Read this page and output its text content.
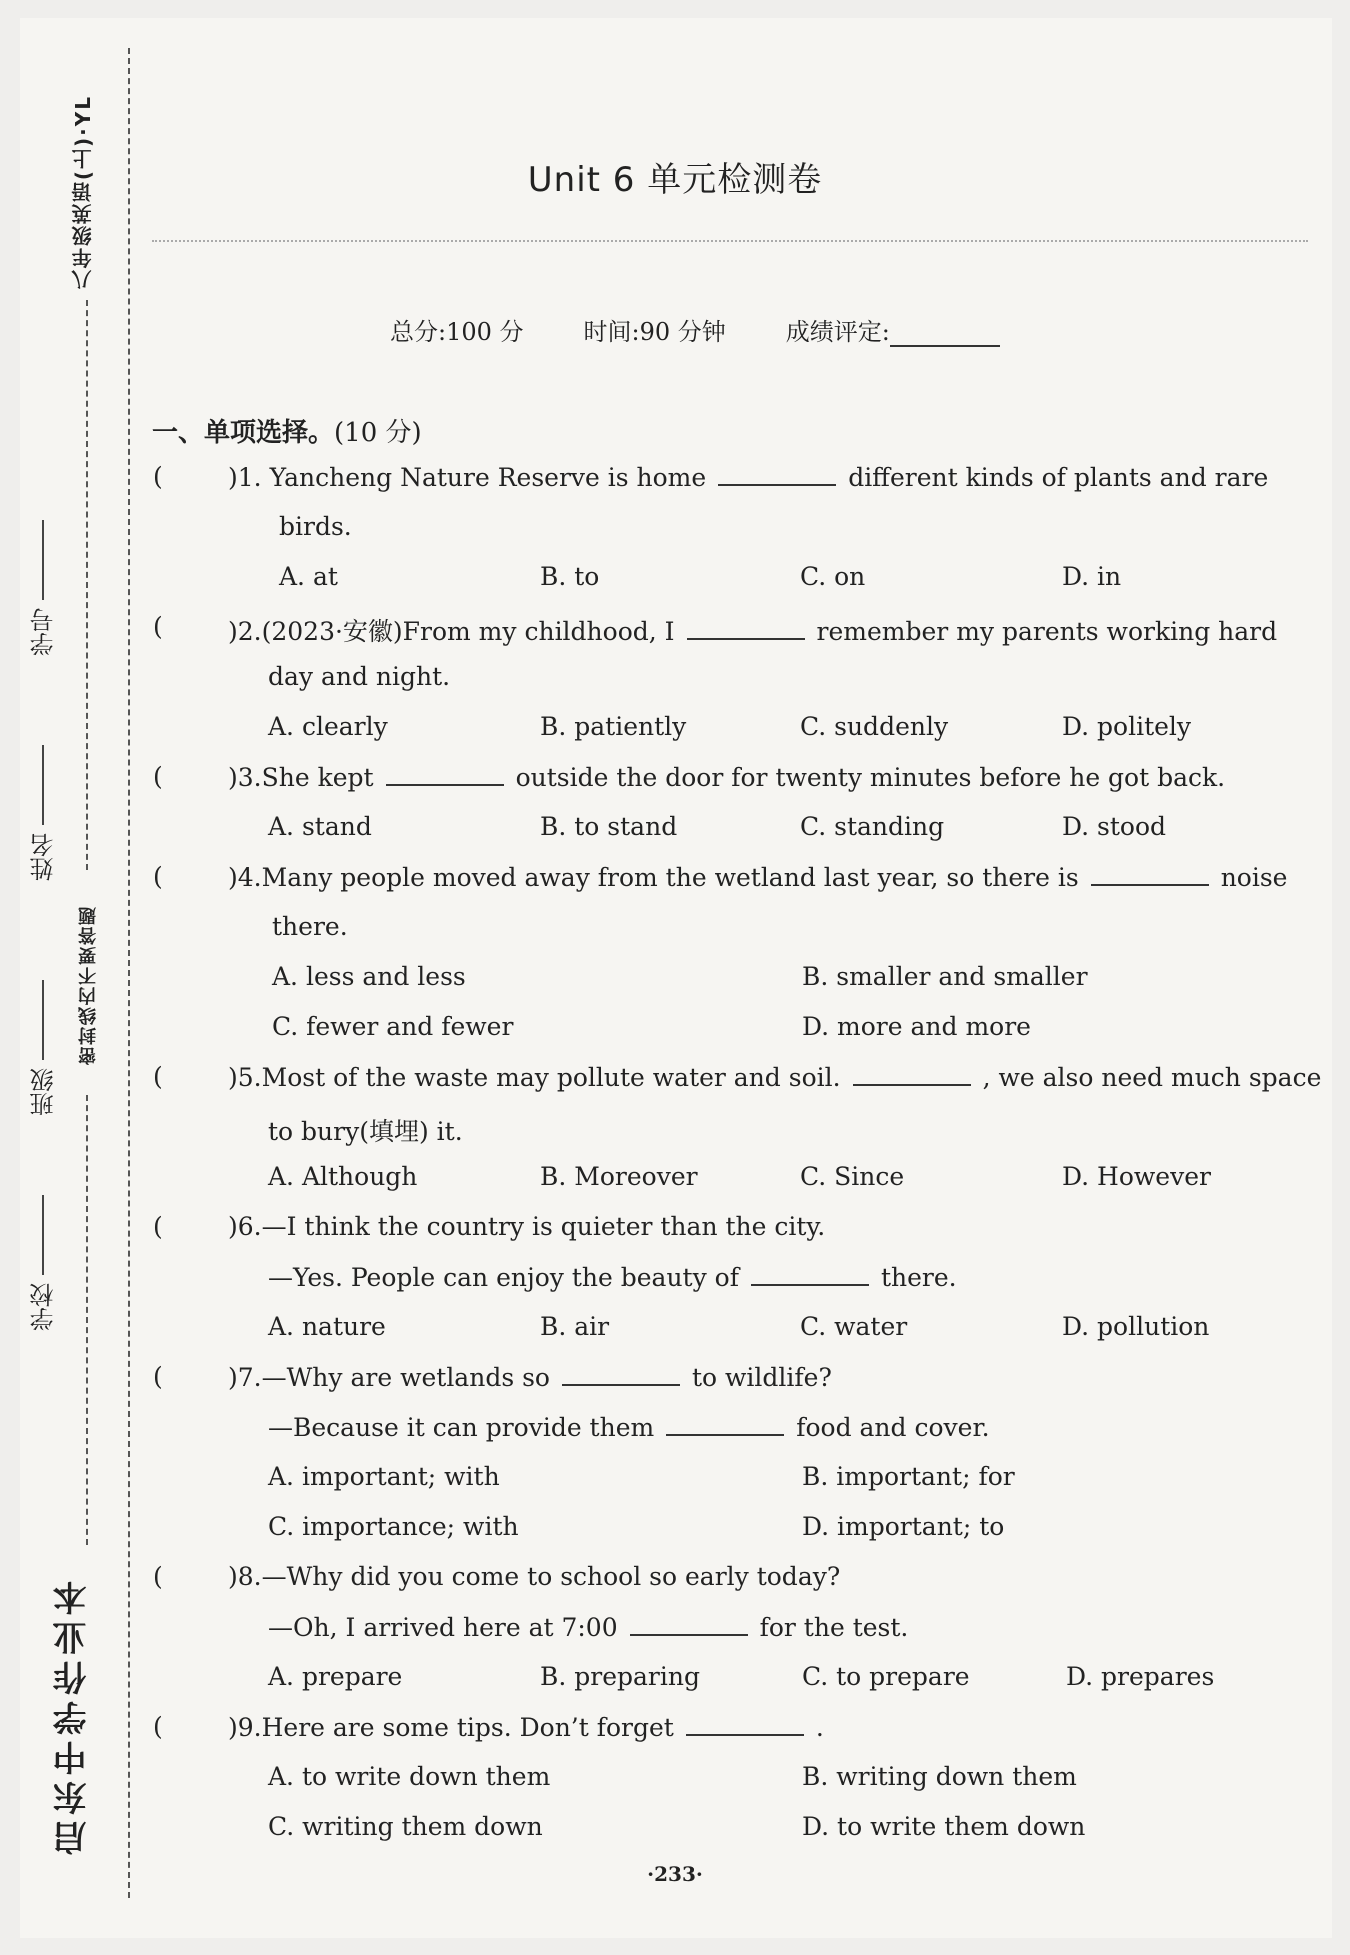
八年级英语(上)·YL
密封线内不要答题
启东中学作业本
学号
姓名
班级
学校
Unit 6 单元检测卷
总分:100 分	时间:90 分钟	成绩评定:
一、单项选择。(10 分)
(	)1. Yancheng Nature Reserve is home	different kinds of plants and rare
birds.
A. at	B. to	C. on	D. in
(	)2.(2023·安徽)From my childhood, I	remember my parents working hard
day and night.
A. clearly	B. patiently	C. suddenly	D. politely
(	)3.She kept	outside the door for twenty minutes before he got back.
A. stand	B. to stand	C. standing	D. stood
(	)4.Many people moved away from the wetland last year, so there is	noise
there.
A. less and less	B. smaller and smaller
C. fewer and fewer	D. more and more
(	)5.Most of the waste may pollute water and soil.	, we also need much space
to bury(填埋) it.
A. Although	B. Moreover	C. Since	D. However
(	)6.—I think the country is quieter than the city.
—Yes. People can enjoy the beauty of	there.
A. nature	B. air	C. water	D. pollution
(	)7.—Why are wetlands so	to wildlife?
—Because it can provide them	food and cover.
A. important; with	B. important; for
C. importance; with	D. important; to
(	)8.—Why did you come to school so early today?
—Oh, I arrived here at 7:00	for the test.
A. prepare	B. preparing	C. to prepare	D. prepares
(	)9.Here are some tips. Don’t forget	.
A. to write down them	B. writing down them
C. writing them down	D. to write them down
·233·
